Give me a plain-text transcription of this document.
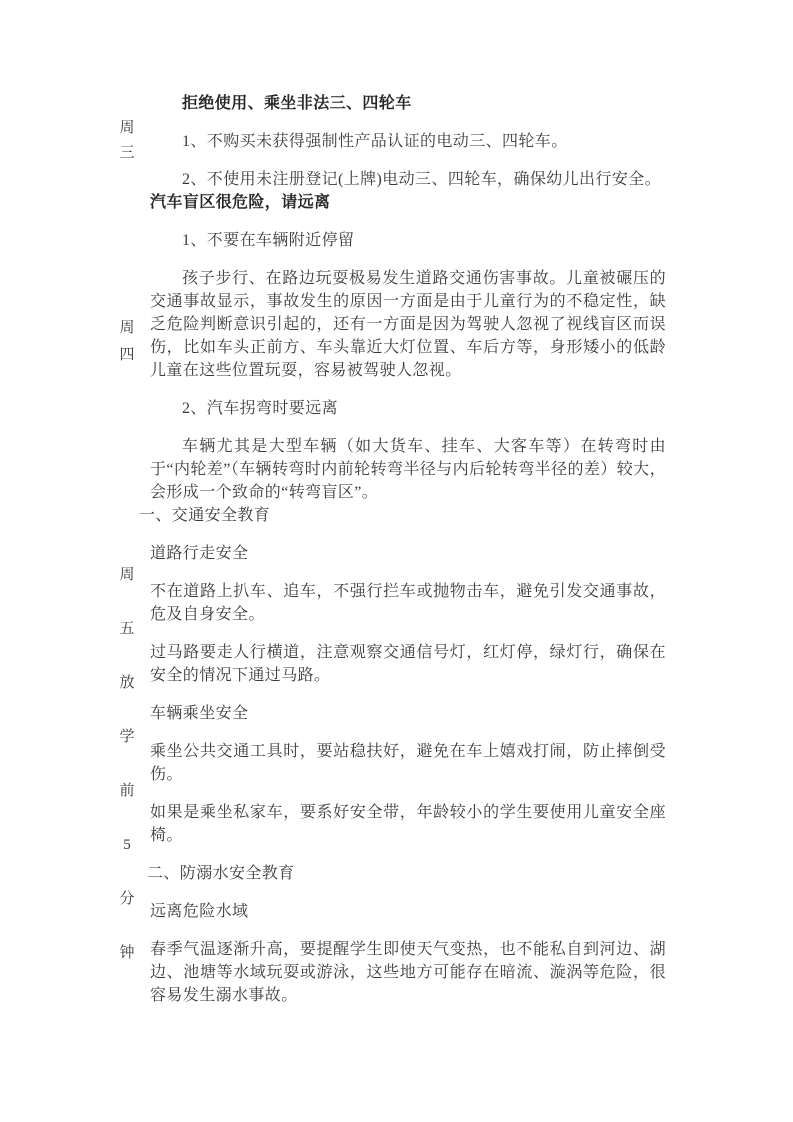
周
三
周
四
周
五
放
学
前
5
分
钟
拒绝使用、乘坐非法三、四轮车
1、不购买未获得强制性产品认证的电动三、四轮车。
2、不使用未注册登记(上牌)电动三、四轮车，确保幼儿出行安全。
汽车盲区很危险，请远离
1、不要在车辆附近停留
孩子步行、在路边玩耍极易发生道路交通伤害事故。儿童被碾压的交通事故显示，事故发生的原因一方面是由于儿童行为的不稳定性，缺乏危险判断意识引起的，还有一方面是因为驾驶人忽视了视线盲区而误伤，比如车头正前方、车头靠近大灯位置、车后方等，身形矮小的低龄儿童在这些位置玩耍，容易被驾驶人忽视。
2、汽车拐弯时要远离
车辆尤其是大型车辆（如大货车、挂车、大客车等）在转弯时由于“内轮差”（车辆转弯时内前轮转弯半径与内后轮转弯半径的差）较大，会形成一个致命的“转弯盲区”。
一、交通安全教育
道路行走安全
不在道路上扒车、追车，不强行拦车或抛物击车，避免引发交通事故，危及自身安全。
过马路要走人行横道，注意观察交通信号灯，红灯停，绿灯行，确保在安全的情况下通过马路。
车辆乘坐安全
乘坐公共交通工具时，要站稳扶好，避免在车上嬉戏打闹，防止摔倒受伤。
如果是乘坐私家车，要系好安全带，年龄较小的学生要使用儿童安全座椅。
二、防溺水安全教育
远离危险水域
春季气温逐渐升高，要提醒学生即使天气变热，也不能私自到河边、湖边、池塘等水域玩耍或游泳，这些地方可能存在暗流、漩涡等危险，很容易发生溺水事故。
